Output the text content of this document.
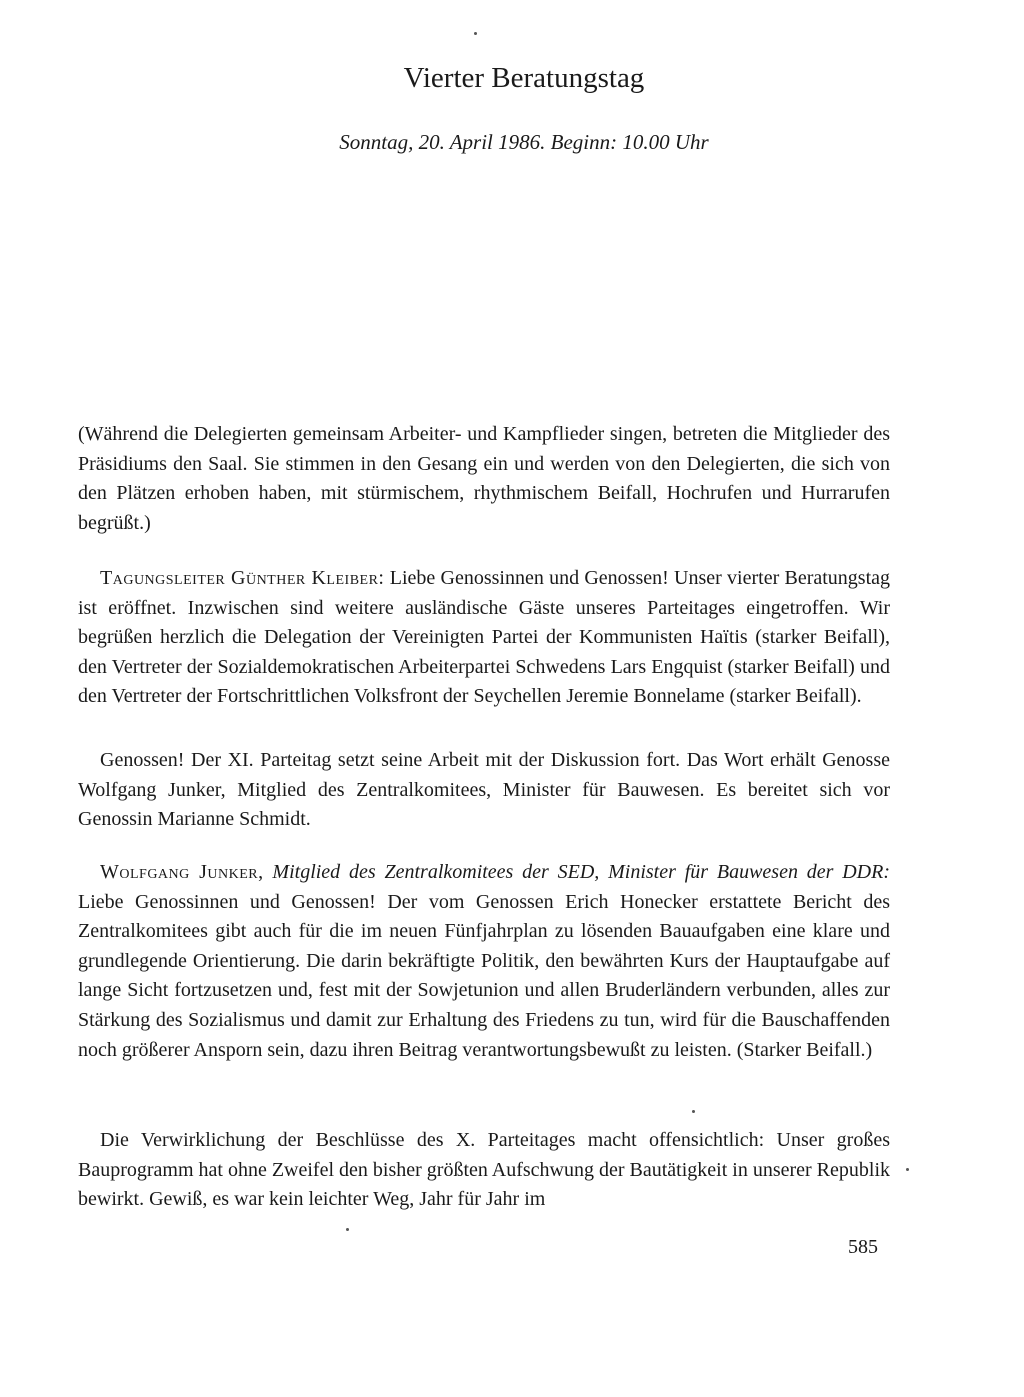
Vierter Beratungstag
Sonntag, 20. April 1986. Beginn: 10.00 Uhr

(Während die Delegierten gemeinsam Arbeiter- und Kampflieder singen, betreten die Mitglieder des Präsidiums den Saal. Sie stimmen in den Gesang ein und werden von den Delegierten, die sich von den Plätzen erhoben haben, mit stürmischem, rhythmischem Beifall, Hochrufen und Hurrarufen begrüßt.)

Tagungsleiter Günther Kleiber: Liebe Genossinnen und Genossen! Unser vierter Beratungstag ist eröffnet. Inzwischen sind weitere ausländische Gäste unseres Parteitages eingetroffen. Wir begrüßen herzlich die Delegation der Vereinigten Partei der Kommunisten Haïtis (starker Beifall), den Vertreter der Sozialdemokratischen Arbeiterpartei Schwedens Lars Engquist (starker Beifall) und den Vertreter der Fortschrittlichen Volksfront der Seychellen Jeremie Bonnelame (starker Beifall).

Genossen! Der XI. Parteitag setzt seine Arbeit mit der Diskussion fort. Das Wort erhält Genosse Wolfgang Junker, Mitglied des Zentralkomitees, Minister für Bauwesen. Es bereitet sich vor Genossin Marianne Schmidt.

Wolfgang Junker, Mitglied des Zentralkomitees der SED, Minister für Bauwesen der DDR: Liebe Genossinnen und Genossen! Der vom Genossen Erich Honecker erstattete Bericht des Zentralkomitees gibt auch für die im neuen Fünfjahrplan zu lösenden Bauaufgaben eine klare und grundlegende Orientierung. Die darin bekräftigte Politik, den bewährten Kurs der Hauptaufgabe auf lange Sicht fortzusetzen und, fest mit der Sowjetunion und allen Bruderländern verbunden, alles zur Stärkung des Sozialismus und damit zur Erhaltung des Friedens zu tun, wird für die Bauschaffenden noch größerer Ansporn sein, dazu ihren Beitrag verantwortungsbewußt zu leisten. (Starker Beifall.)

Die Verwirklichung der Beschlüsse des X. Parteitages macht offensichtlich: Unser großes Bauprogramm hat ohne Zweifel den bisher größten Aufschwung der Bautätigkeit in unserer Republik bewirkt. Gewiß, es war kein leichter Weg, Jahr für Jahr im

585
